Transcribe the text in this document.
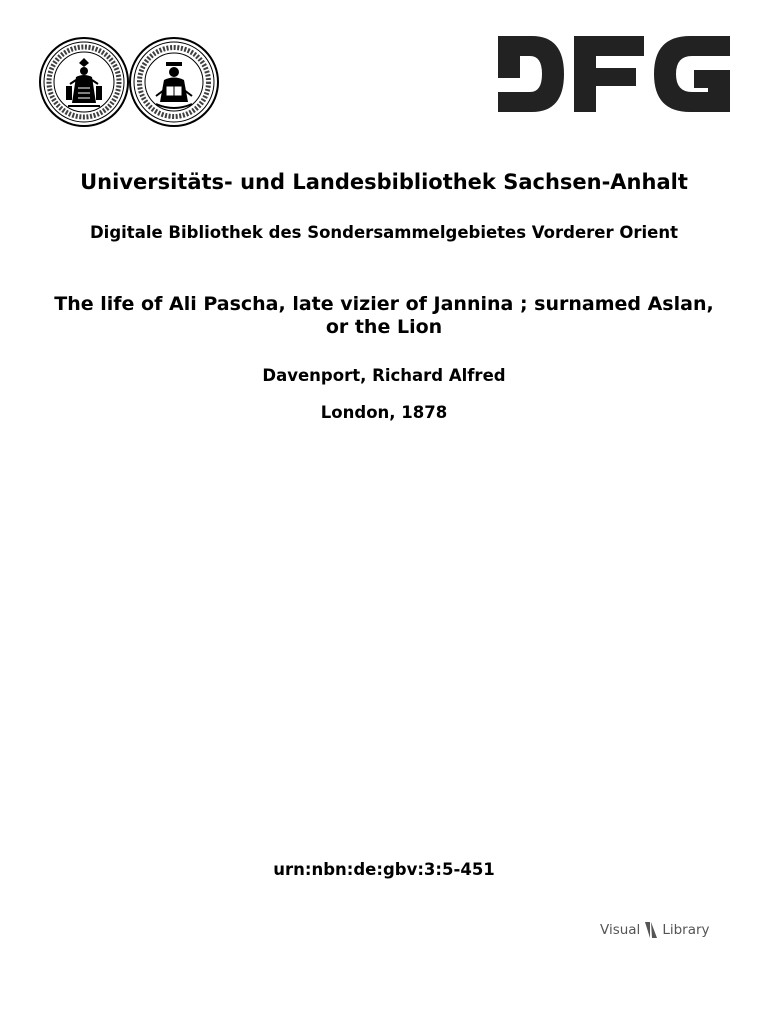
Universitäts- und Landesbibliothek Sachsen-Anhalt
Digitale Bibliothek des Sondersammelgebietes Vorderer Orient
The life of Ali Pascha, late vizier of Jannina ; surnamed Aslan, or the Lion

Davenport, Richard Alfred

London, 1878

urn:nbn:de:gbv:3:5-451

Visual Library
